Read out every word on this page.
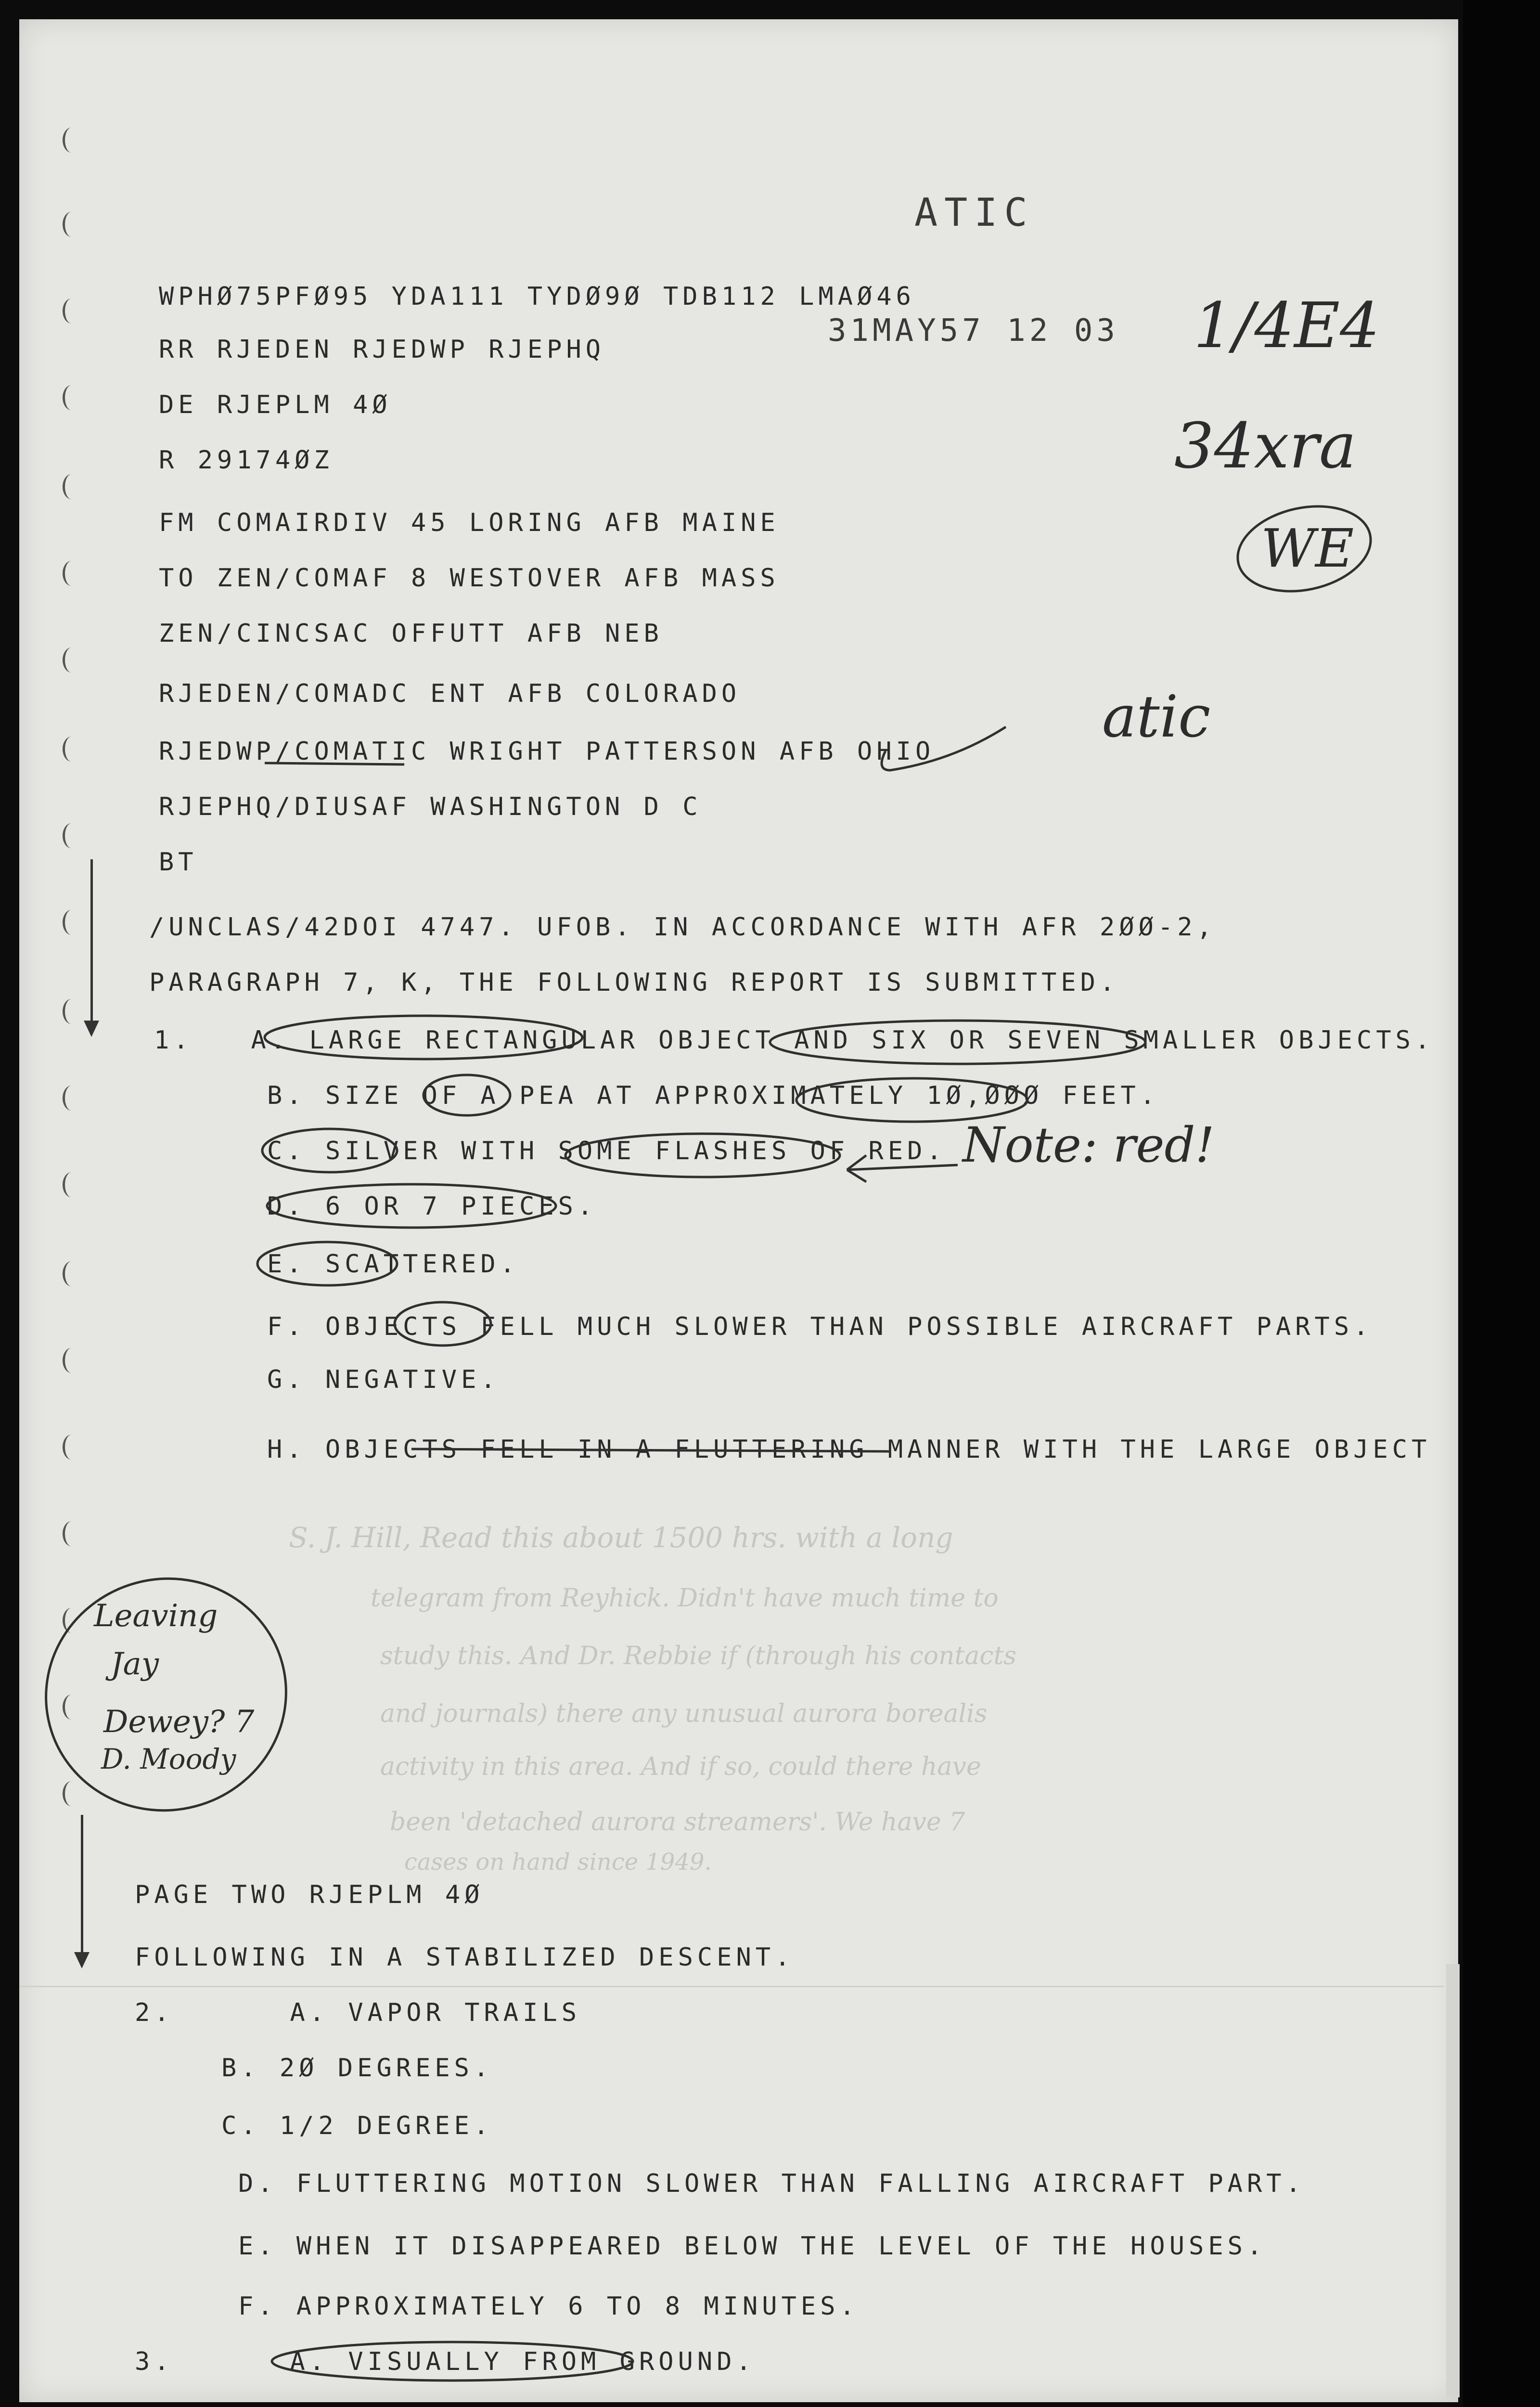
ATIC
WPHØ75PFØ95 YDA111 TYDØ9Ø TDB112 LMAØ46
31MAY57 12 03
RR RJEDEN RJEDWP RJEPHQ
DE RJEPLM 4Ø
R 29174ØZ
FM COMAIRDIV 45 LORING AFB MAINE
TO ZEN/COMAF 8 WESTOVER AFB MASS
ZEN/CINCSAC OFFUTT AFB NEB
RJEDEN/COMADC ENT AFB COLORADO
RJEDWP/COMATIC WRIGHT PATTERSON AFB OHIO
RJEPHQ/DIUSAF WASHINGTON D C
BT
/UNCLAS/42DOI 4747. UFOB. IN ACCORDANCE WITH AFR 2ØØ-2,
PARAGRAPH 7, K, THE FOLLOWING REPORT IS SUBMITTED.
1.   A. LARGE RECTANGULAR OBJECT AND SIX OR SEVEN SMALLER OBJECTS.
B. SIZE OF A PEA AT APPROXIMATELY 1Ø,ØØØ FEET.
C. SILVER WITH SOME FLASHES OF RED.
D. 6 OR 7 PIECES.
E. SCATTERED.
F. OBJECTS FELL MUCH SLOWER THAN POSSIBLE AIRCRAFT PARTS.
G. NEGATIVE.
H. OBJECTS FELL IN A FLUTTERING MANNER WITH THE LARGE OBJECT
S. J. Hill, Read this about 1500 hrs. with a long
telegram from Reyhick. Didn't have much time to
study this. And Dr. Rebbie if (through his contacts
and journals) there any unusual aurora borealis
activity in this area. And if so, could there have
been 'detached aurora streamers'. We have 7
cases on hand since 1949.
PAGE TWO RJEPLM 4Ø
FOLLOWING IN A STABILIZED DESCENT.
2.      A. VAPOR TRAILS
B. 2Ø DEGREES.
C. 1/2 DEGREE.
D. FLUTTERING MOTION SLOWER THAN FALLING AIRCRAFT PART.
E. WHEN IT DISAPPEARED BELOW THE LEVEL OF THE HOUSES.
F. APPROXIMATELY 6 TO 8 MINUTES.
3.      A. VISUALLY FROM GROUND.
1/4E4
34xra
WE
atic
Note: red!
Leaving
Jay
Dewey? 7
D. Moody
